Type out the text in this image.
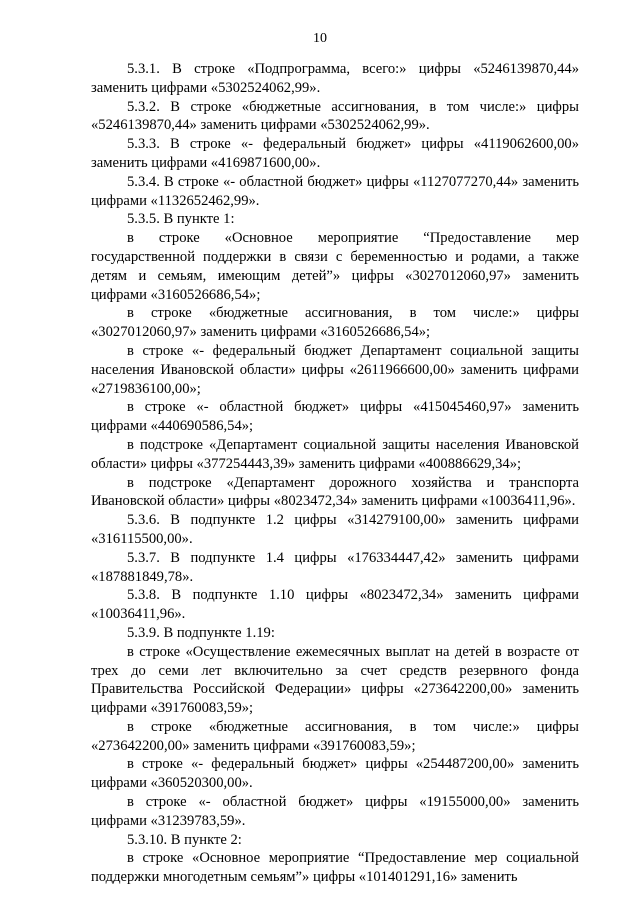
10

5.3.1. В строке «Подпрограмма, всего:» цифры «5246139870,44» заменить цифрами «5302524062,99».

5.3.2. В строке «бюджетные ассигнования, в том числе:» цифры «5246139870,44» заменить цифрами «5302524062,99».

5.3.3. В строке «- федеральный бюджет» цифры «4119062600,00» заменить цифрами «4169871600,00».

5.3.4. В строке «- областной бюджет» цифры «1127077270,44» заменить цифрами «1132652462,99».

5.3.5. В пункте 1:

в строке «Основное мероприятие “Предоставление мер государственной поддержки в связи с беременностью и родами, а также детям и семьям, имеющим детей”» цифры «3027012060,97» заменить цифрами «3160526686,54»;

в строке «бюджетные ассигнования, в том числе:» цифры «3027012060,97» заменить цифрами «3160526686,54»;

в строке «- федеральный бюджет Департамент социальной защиты населения Ивановской области» цифры «2611966600,00» заменить цифрами «2719836100,00»;

в строке «- областной бюджет» цифры «415045460,97» заменить цифрами «440690586,54»;

в подстроке «Департамент социальной защиты населения Ивановской области» цифры «377254443,39» заменить цифрами «400886629,34»;

в подстроке «Департамент дорожного хозяйства и транспорта Ивановской области» цифры «8023472,34» заменить цифрами «10036411,96».

5.3.6. В подпункте 1.2 цифры «314279100,00» заменить цифрами «316115500,00».

5.3.7. В подпункте 1.4 цифры «176334447,42» заменить цифрами «187881849,78».

5.3.8. В подпункте 1.10 цифры «8023472,34» заменить цифрами «10036411,96».

5.3.9. В подпункте 1.19:

в строке «Осуществление ежемесячных выплат на детей в возрасте от трех до семи лет включительно за счет средств резервного фонда Правительства Российской Федерации» цифры «273642200,00» заменить цифрами «391760083,59»;

в строке «бюджетные ассигнования, в том числе:» цифры «273642200,00» заменить цифрами «391760083,59»;

в строке «- федеральный бюджет» цифры «254487200,00» заменить цифрами «360520300,00».

в строке «- областной бюджет» цифры «19155000,00» заменить цифрами «31239783,59».

5.3.10. В пункте 2:

в строке «Основное мероприятие “Предоставление мер социальной поддержки многодетным семьям”» цифры «101401291,16» заменить
